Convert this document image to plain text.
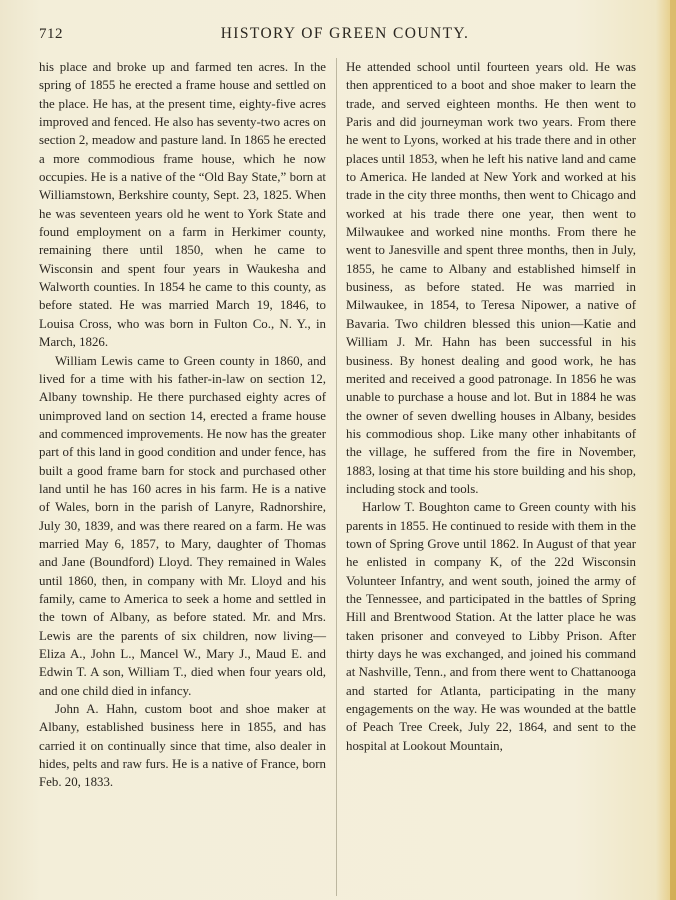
712	HISTORY OF GREEN COUNTY.

his place and broke up and farmed ten acres. In the spring of 1855 he erected a frame house and settled on the place. He has, at the present time, eighty-five acres improved and fenced. He also has seventy-two acres on section 2, meadow and pasture land. In 1865 he erected a more commodious frame house, which he now occupies. He is a native of the “Old Bay State,” born at Williamstown, Berkshire county, Sept. 23, 1825. When he was seventeen years old he went to York State and found employment on a farm in Herkimer county, remaining there until 1850, when he came to Wisconsin and spent four years in Waukesha and Walworth counties. In 1854 he came to this county, as before stated. He was married March 19, 1846, to Louisa Cross, who was born in Fulton Co., N. Y., in March, 1826.

William Lewis came to Green county in 1860, and lived for a time with his father-in-law on section 12, Albany township. He there purchased eighty acres of unimproved land on section 14, erected a frame house and commenced improvements. He now has the greater part of this land in good condition and under fence, has built a good frame barn for stock and purchased other land until he has 160 acres in his farm. He is a native of Wales, born in the parish of Lanyre, Radnorshire, July 30, 1839, and was there reared on a farm. He was married May 6, 1857, to Mary, daughter of Thomas and Jane (Boundford) Lloyd. They remained in Wales until 1860, then, in company with Mr. Lloyd and his family, came to America to seek a home and settled in the town of Albany, as before stated. Mr. and Mrs. Lewis are the parents of six children, now living—Eliza A., John L., Mancel W., Mary J., Maud E. and Edwin T. A son, William T., died when four years old, and one child died in infancy.

John A. Hahn, custom boot and shoe maker at Albany, established business here in 1855, and has carried it on continually since that time, also dealer in hides, pelts and raw furs. He is a native of France, born Feb. 20, 1833.

He attended school until fourteen years old. He was then apprenticed to a boot and shoe maker to learn the trade, and served eighteen months. He then went to Paris and did journeyman work two years. From there he went to Lyons, worked at his trade there and in other places until 1853, when he left his native land and came to America. He landed at New York and worked at his trade in the city three months, then went to Chicago and worked at his trade there one year, then went to Milwaukee and worked nine months. From there he went to Janesville and spent three months, then in July, 1855, he came to Albany and established himself in business, as before stated. He was married in Milwaukee, in 1854, to Teresa Nipower, a native of Bavaria. Two children blessed this union—Katie and William J. Mr. Hahn has been successful in his business. By honest dealing and good work, he has merited and received a good patronage. In 1856 he was unable to purchase a house and lot. But in 1884 he was the owner of seven dwelling houses in Albany, besides his commodious shop. Like many other inhabitants of the village, he suffered from the fire in November, 1883, losing at that time his store building and his shop, including stock and tools.

Harlow T. Boughton came to Green county with his parents in 1855. He continued to reside with them in the town of Spring Grove until 1862. In August of that year he enlisted in company K, of the 22d Wisconsin Volunteer Infantry, and went south, joined the army of the Tennessee, and participated in the battles of Spring Hill and Brentwood Station. At the latter place he was taken prisoner and conveyed to Libby Prison. After thirty days he was exchanged, and joined his command at Nashville, Tenn., and from there went to Chattanooga and started for Atlanta, participating in the many engagements on the way. He was wounded at the battle of Peach Tree Creek, July 22, 1864, and sent to the hospital at Lookout Mountain,
